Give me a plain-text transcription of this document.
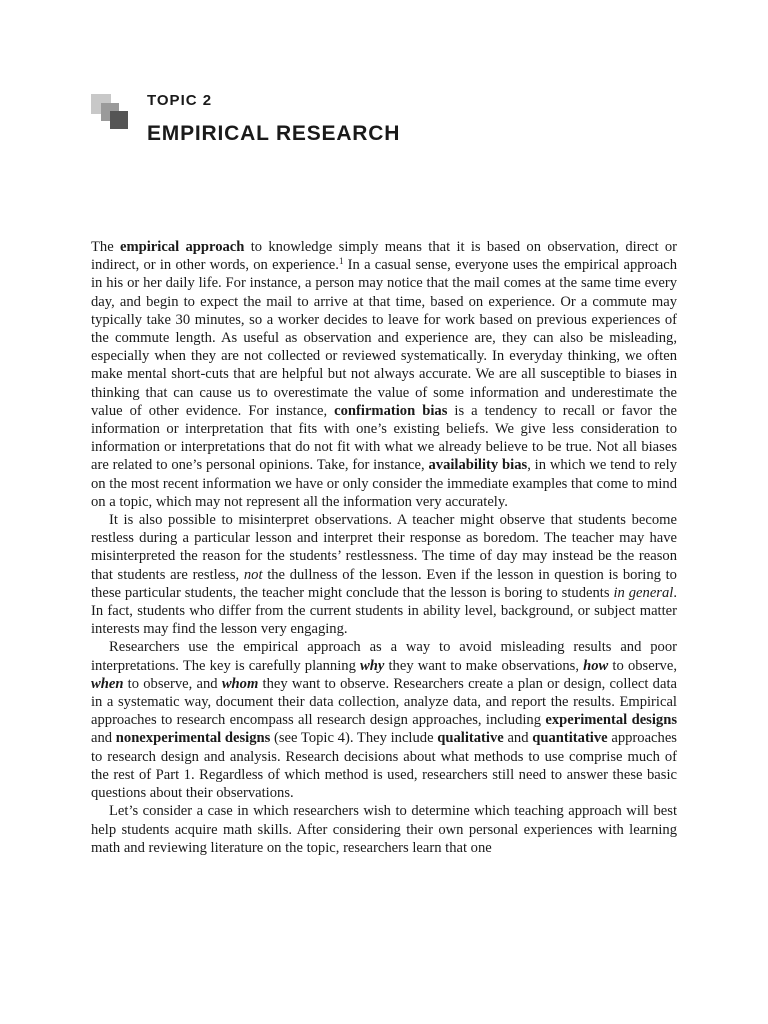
TOPIC 2
EMPIRICAL RESEARCH

The empirical approach to knowledge simply means that it is based on observation, direct or indirect, or in other words, on experience.$^1$ In a casual sense, everyone uses the empirical approach in his or her daily life. For instance, a person may notice that the mail comes at the same time every day, and begin to expect the mail to arrive at that time, based on experience. Or a commute may typically take 30 minutes, so a worker decides to leave for work based on previous experiences of the commute length. As useful as observation and experience are, they can also be misleading, especially when they are not collected or reviewed systematically. In everyday thinking, we often make mental short-cuts that are helpful but not always accurate. We are all susceptible to biases in thinking that can cause us to overestimate the value of some information and underestimate the value of other evidence. For instance, confirmation bias is a tendency to recall or favor the information or interpretation that fits with one’s existing beliefs. We give less consideration to information or interpretations that do not fit with what we already believe to be true. Not all biases are related to one’s personal opinions. Take, for instance, availability bias, in which we tend to rely on the most recent information we have or only consider the immediate examples that come to mind on a topic, which may not represent all the information very accurately.

It is also possible to misinterpret observations. A teacher might observe that students become restless during a particular lesson and interpret their response as boredom. The teacher may have misinterpreted the reason for the students’ restlessness. The time of day may instead be the reason that students are restless, not the dullness of the lesson. Even if the lesson in question is boring to these particular students, the teacher might conclude that the lesson is boring to students in general. In fact, students who differ from the current students in ability level, background, or subject matter interests may find the lesson very engaging.

Researchers use the empirical approach as a way to avoid misleading results and poor interpretations. The key is carefully planning why they want to make observations, how to observe, when to observe, and whom they want to observe. Researchers create a plan or design, collect data in a systematic way, document their data collection, analyze data, and report the results. Empirical approaches to research encompass all research design approaches, including experimental designs and nonexperimental designs (see Topic 4). They include qualitative and quantitative approaches to research design and analysis. Research decisions about what methods to use comprise much of the rest of Part 1. Regardless of which method is used, researchers still need to answer these basic questions about their observations.

Let’s consider a case in which researchers wish to determine which teaching approach will best help students acquire math skills. After considering their own personal experiences with learning math and reviewing literature on the topic, researchers learn that one
